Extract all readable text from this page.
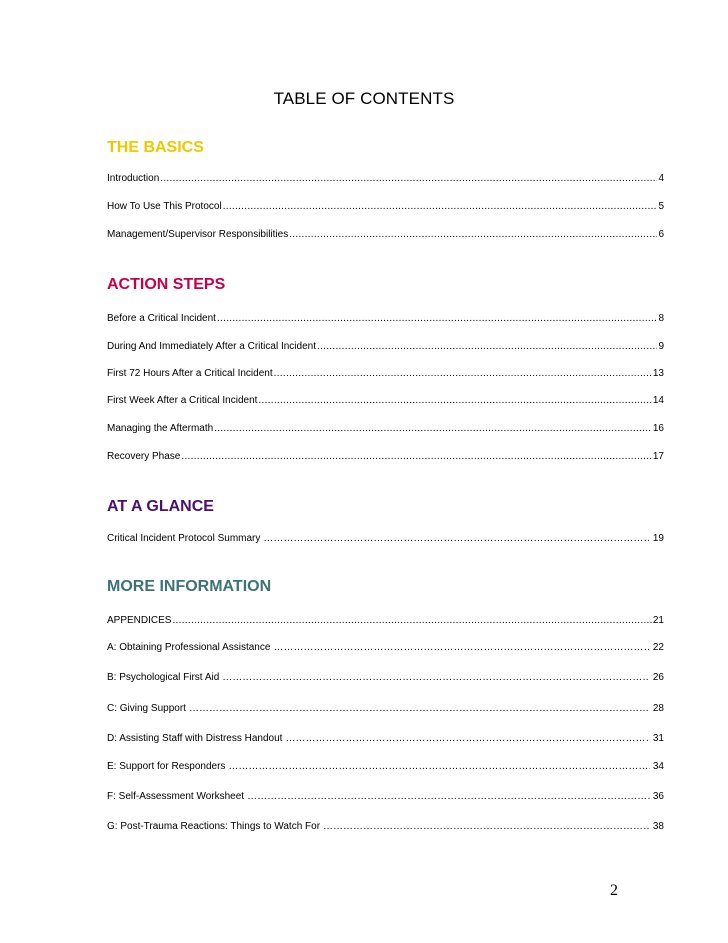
TABLE OF CONTENTS
THE BASICS
Introduction .....	4
How To Use This Protocol .....	5
Management/Supervisor Responsibilities .....	6
ACTION STEPS
Before a Critical Incident .....	8
During And Immediately After a Critical Incident .....	9
First 72 Hours After a Critical Incident .....	13
First Week After a Critical Incident .....	14
Managing the Aftermath .....	16
Recovery Phase .....	17
AT A GLANCE
Critical Incident Protocol Summary …………………………………………………………………………………………………………………………………………………………………………………………………………………………………………………………	19
MORE INFORMATION
APPENDICES .....	21
A: Obtaining Professional Assistance …………………………………………………………………………………………………………………………………………………………………………………………………………………………………………………………	22
B: Psychological First Aid …………………………………………………………………………………………………………………………………………………………………………………………………………………………………………………………	26
C: Giving Support …………………………………………………………………………………………………………………………………………………………………………………………………………………………………………………………	28
D: Assisting Staff with Distress Handout …………………………………………………………………………………………………………………………………………………………………………………………………………………………………………………………	31
E: Support for Responders …………………………………………………………………………………………………………………………………………………………………………………………………………………………………………………………	34
F: Self-Assessment Worksheet …………………………………………………………………………………………………………………………………………………………………………………………………………………………………………………………	36
G: Post-Trauma Reactions: Things to Watch For …………………………………………………………………………………………………………………………………………………………………………………………………………………………………………………………	38
2
